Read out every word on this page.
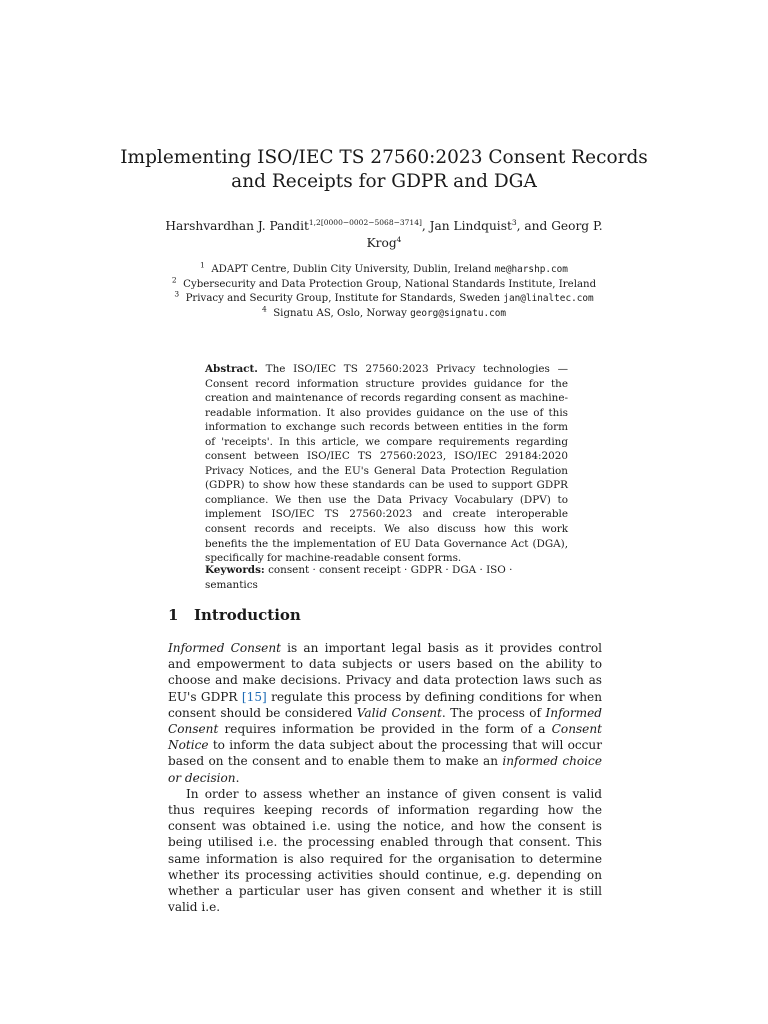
Implementing ISO/IEC TS 27560:2023 Consent Records and Receipts for GDPR and DGA
Harshvardhan J. Pandit$^{1,2[0000-0002-5068-3714]}$, Jan Lindquist$^3$, and Georg P. Krog$^4$
$^1$ ADAPT Centre, Dublin City University, Dublin, Ireland me@harshp.com
$^2$ Cybersecurity and Data Protection Group, National Standards Institute, Ireland
$^3$ Privacy and Security Group, Institute for Standards, Sweden jan@linaltec.com
$^4$ Signatu AS, Oslo, Norway georg@signatu.com
Abstract. The ISO/IEC TS 27560:2023 Privacy technologies — Consent record information structure provides guidance for the creation and maintenance of records regarding consent as machine-readable information. It also provides guidance on the use of this information to exchange such records between entities in the form of 'receipts'. In this article, we compare requirements regarding consent between ISO/IEC TS 27560:2023, ISO/IEC 29184:2020 Privacy Notices, and the EU's General Data Protection Regulation (GDPR) to show how these standards can be used to support GDPR compliance. We then use the Data Privacy Vocabulary (DPV) to implement ISO/IEC TS 27560:2023 and create interoperable consent records and receipts. We also discuss how this work benefits the the implementation of EU Data Governance Act (DGA), specifically for machine-readable consent forms.
Keywords: consent · consent receipt · GDPR · DGA · ISO · semantics
1 Introduction

Informed Consent is an important legal basis as it provides control and empowerment to data subjects or users based on the ability to choose and make decisions. Privacy and data protection laws such as EU's GDPR [15] regulate this process by defining conditions for when consent should be considered Valid Consent. The process of Informed Consent requires information be provided in the form of a Consent Notice to inform the data subject about the processing that will occur based on the consent and to enable them to make an informed choice or decision.

In order to assess whether an instance of given consent is valid thus requires keeping records of information regarding how the consent was obtained i.e. using the notice, and how the consent is being utilised i.e. the processing enabled through that consent. This same information is also required for the organisation to determine whether its processing activities should continue, e.g. depending on whether a particular user has given consent and whether it is still valid i.e.
